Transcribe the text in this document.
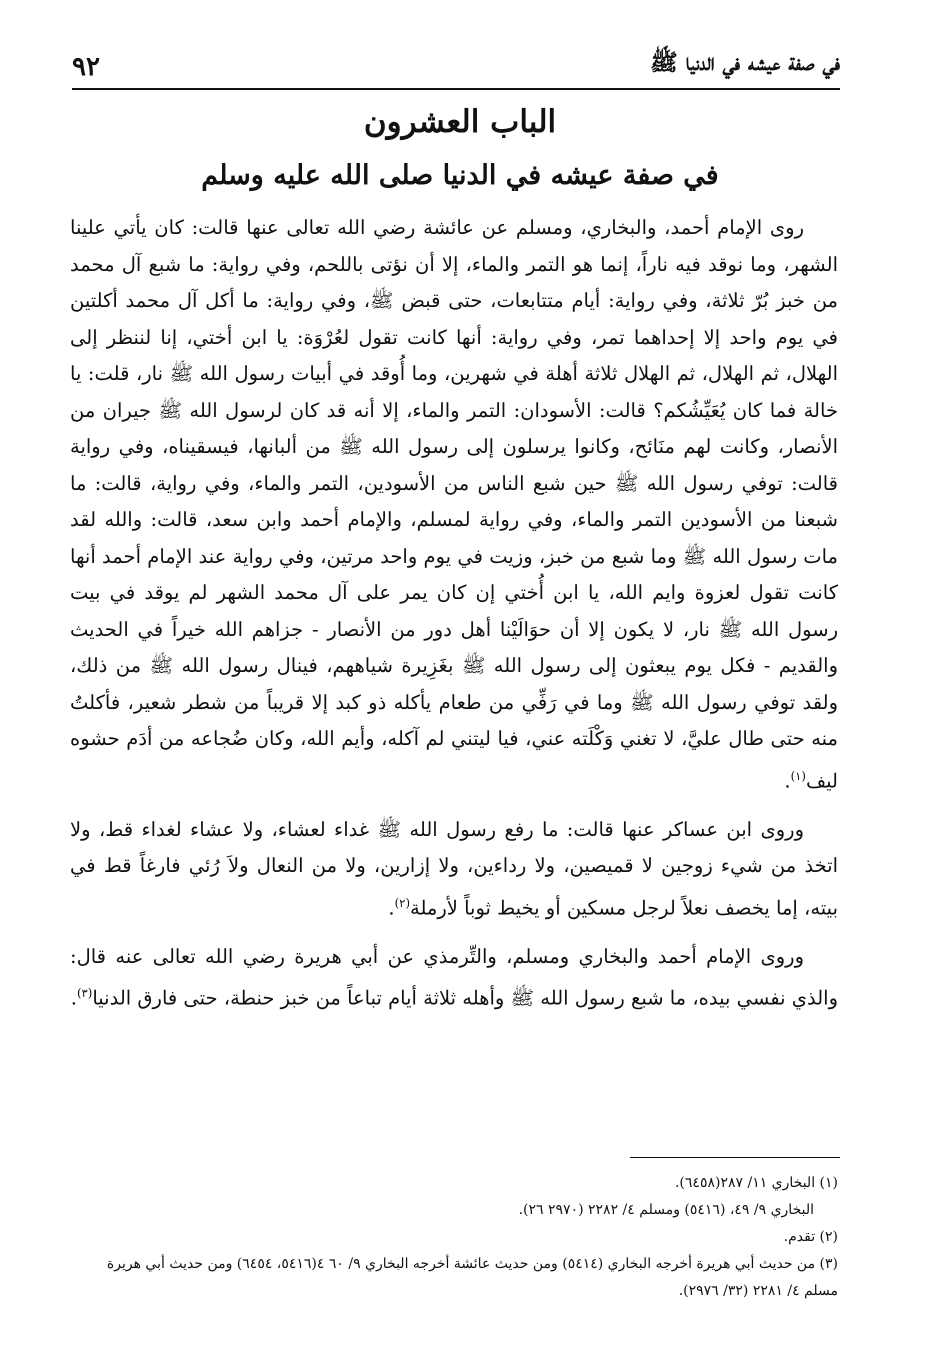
في صفة عيشه في الدنيا ﷺ
٩٢
الباب العشرون
في صفة عيشه في الدنيا صلى الله عليه وسلم

روى الإمام أحمد، والبخاري، ومسلم عن عائشة رضي الله تعالى عنها قالت: كان يأتي علينا الشهر، وما نوقد فيه ناراً، إنما هو التمر والماء، إلا أن نؤتى باللحم، وفي رواية: ما شبع آل محمد من خبز بُرّ ثلاثة، وفي رواية: أيام متتابعات، حتى قبض ﷺ، وفي رواية: ما أكل آل محمد أكلتين في يوم واحد إلا إحداهما تمر، وفي رواية: أنها كانت تقول لعُرْوَة: يا ابن أختي، إنا لننظر إلى الهلال، ثم الهلال، ثم الهلال ثلاثة أهلة في شهرين، وما أُوقد في أبيات رسول الله ﷺ نار، قلت: يا خالة فما كان يُعَيِّشُكم؟ قالت: الأسودان: التمر والماء، إلا أنه قد كان لرسول الله ﷺ جيران من الأنصار، وكانت لهم منَائح، وكانوا يرسلون إلى رسول الله ﷺ من ألبانها، فيسقيناه، وفي رواية قالت: توفي رسول الله ﷺ حين شبع الناس من الأسودين، التمر والماء، وفي رواية، قالت: ما شبعنا من الأسودين التمر والماء، وفي رواية لمسلم، والإمام أحمد وابن سعد، قالت: والله لقد مات رسول الله ﷺ وما شبع من خبز، وزيت في يوم واحد مرتين، وفي رواية عند الإمام أحمد أنها كانت تقول لعزوة وايم الله، يا ابن أُختي إن كان يمر على آل محمد الشهر لم يوقد في بيت رسول الله ﷺ نار، لا يكون إلا أن حوَالَيْنا أهل دور من الأنصار - جزاهم الله خيراً في الحديث والقديم - فكل يوم يبعثون إلى رسول الله ﷺ بغَزِيرة شياههم، فينال رسول الله ﷺ من ذلك، ولقد توفي رسول الله ﷺ وما في رَفِّي من طعام يأكله ذو كبد إلا قريباً من شطر شعير، فأكلتُ منه حتى طال عليَّ، لا تغني وَكْلَته عني، فيا ليتني لم آكله، وأيم الله، وكان ضُجاعه من أدَم حشوه ليف$^{(١)}$.

وروى ابن عساكر عنها قالت: ما رفع رسول الله ﷺ غداء لعشاء، ولا عشاء لغداء قط، ولا اتخذ من شيء زوجين لا قميصين، ولا رداءين، ولا إزارين، ولا من النعال ولاَ رُئي فارغاً قط في بيته، إما يخصف نعلاً لرجل مسكين أو يخيط ثوباً لأرملة$^{(٢)}$.

وروى الإمام أحمد والبخاري ومسلم، والتِّرمذي عن أبي هريرة رضي الله تعالى عنه قال: والذي نفسي بيده، ما شبع رسول الله ﷺ وأهله ثلاثة أيام تباعاً من خبز حنطة، حتى فارق الدنيا$^{(٣)}$.

(١) البخاري ١١/ ٢٨٧(٦٤٥٨).

البخاري ٩/ ٤٩، (٥٤١٦) ومسلم ٤/ ٢٢٨٢ (٢٩٧٠ ٢٦).

(٢) تقدم.

(٣) من حديث أبي هريرة أخرجه البخاري (٥٤١٤) ومن حديث عائشة أخرجه البخاري ٩/ ٦٠ ٤(٥٤١٦، ٦٤٥٤) ومن حديث أبي هريرة مسلم ٤/ ٢٢٨١ (٣٢/ ٢٩٧٦).
